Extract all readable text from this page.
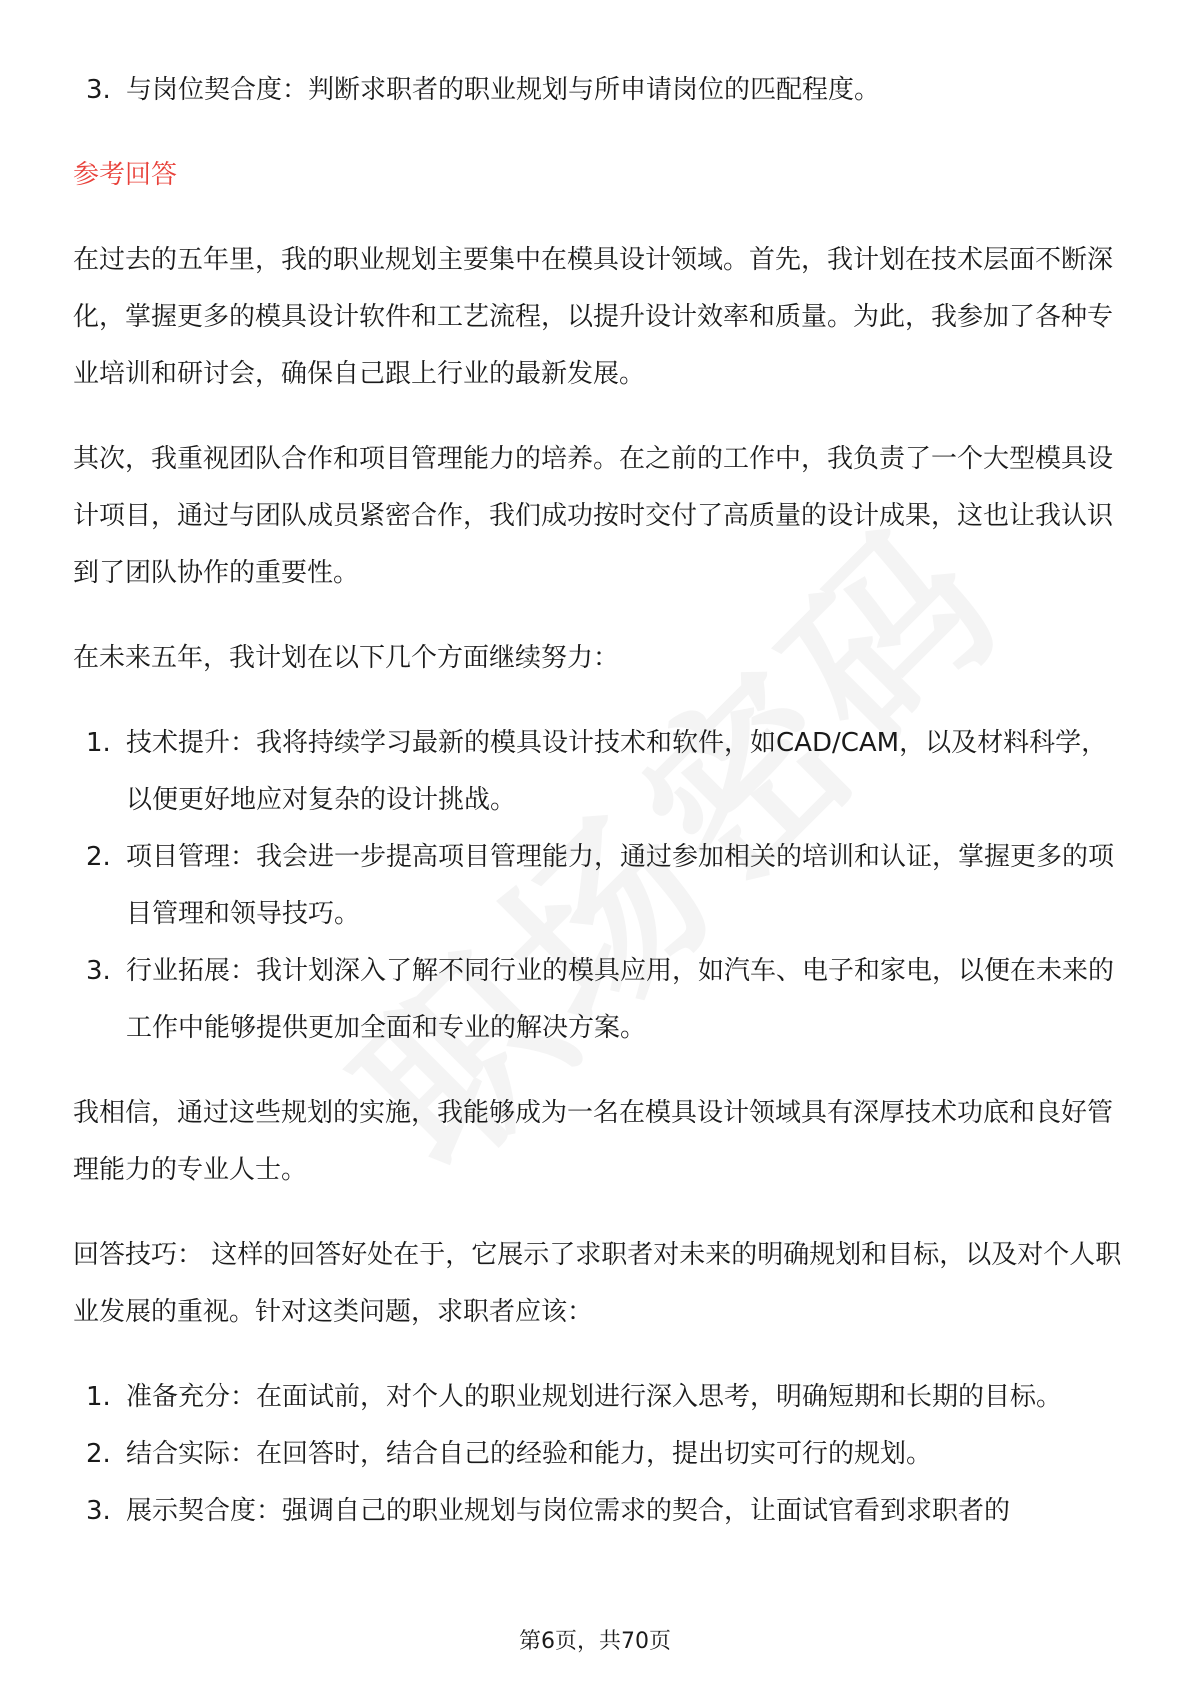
3. 与岗位契合度：判断求职者的职业规划与所申请岗位的匹配程度。
参考回答

在过去的五年里，我的职业规划主要集中在模具设计领域。首先，我计划在技术层面不断深化，掌握更多的模具设计软件和工艺流程，以提升设计效率和质量。为此，我参加了各种专业培训和研讨会，确保自己跟上行业的最新发展。

其次，我重视团队合作和项目管理能力的培养。在之前的工作中，我负责了一个大型模具设计项目，通过与团队成员紧密合作，我们成功按时交付了高质量的设计成果，这也让我认识到了团队协作的重要性。

在未来五年，我计划在以下几个方面继续努力：

1. 技术提升：我将持续学习最新的模具设计技术和软件，如CAD/CAM，以及材料科学，以便更好地应对复杂的设计挑战。
2. 项目管理：我会进一步提高项目管理能力，通过参加相关的培训和认证，掌握更多的项目管理和领导技巧。
3. 行业拓展：我计划深入了解不同行业的模具应用，如汽车、电子和家电，以便在未来的工作中能够提供更加全面和专业的解决方案。

我相信，通过这些规划的实施，我能够成为一名在模具设计领域具有深厚技术功底和良好管理能力的专业人士。

回答技巧： 这样的回答好处在于，它展示了求职者对未来的明确规划和目标，以及对个人职业发展的重视。针对这类问题，求职者应该：

1. 准备充分：在面试前，对个人的职业规划进行深入思考，明确短期和长期的目标。
2. 结合实际：在回答时，结合自己的经验和能力，提出切实可行的规划。
3. 展示契合度：强调自己的职业规划与岗位需求的契合，让面试官看到求职者的
第6页，共70页
